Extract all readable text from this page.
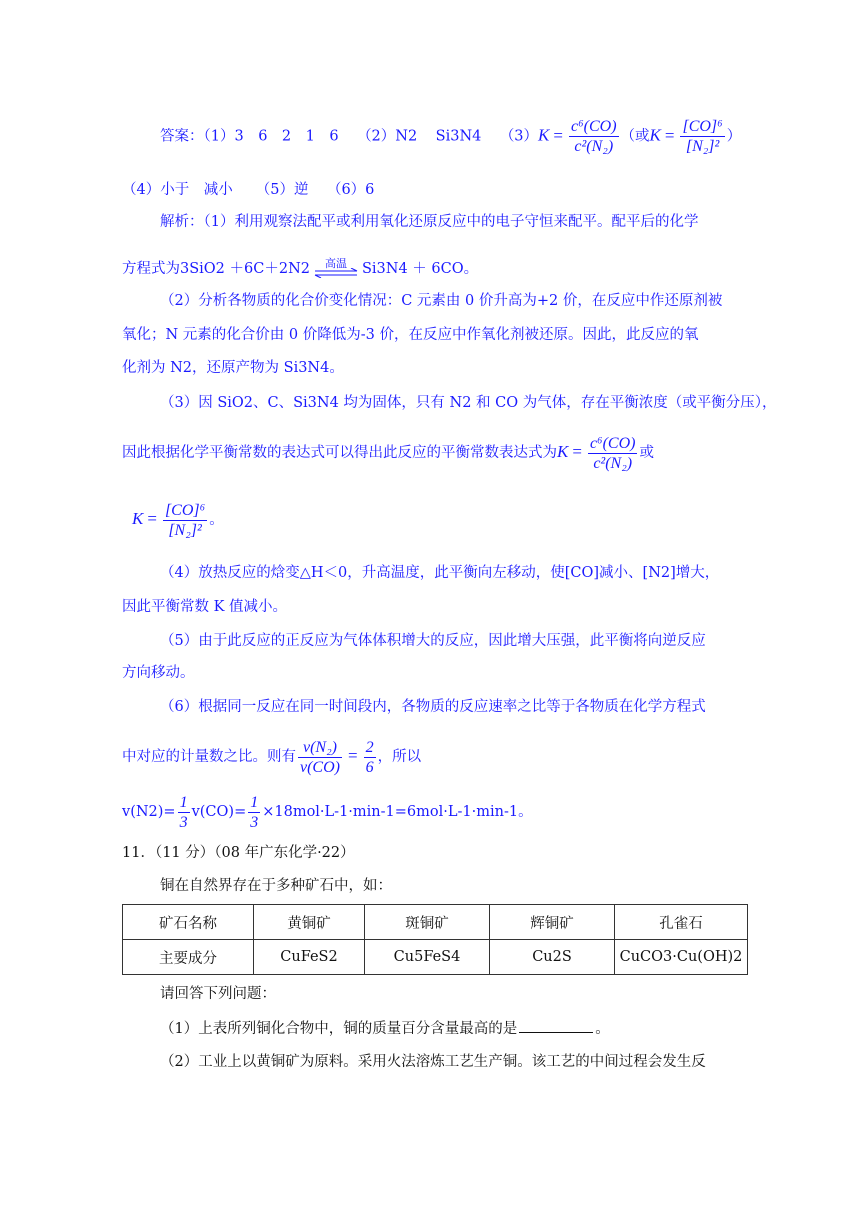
答案：（1）3　6　2　1　6 （2）N2 Si3N4 $(3)K = \frac{\text{c⁶(CO)}}{\text{c²(N₂)}}$ （或$K = \frac{\text{[CO]⁶}}{\text{[N₂]²}}$ ）
（4）小于　减小 （5）逆 （6）6
解析：（1）利用观察法配平或利用氧化还原反应中的电子守恒来配平。配平后的化学
方程式为3SiO2 ＋6C＋2N2	高温	Si3N4 ＋ 6CO。
（2）分析各物质的化合价变化情况：C 元素由 0 价升高为+2 价，在反应中作还原剂被
氧化；N 元素的化合价由 0 价降低为-3 价，在反应中作氧化剂被还原。因此，此反应的氧
化剂为 N2，还原产物为 Si3N4。
（3）因 SiO2、C、Si3N4 均为固体，只有 N2 和 CO 为气体，存在平衡浓度（或平衡分压），
因此根据化学平衡常数的表达式可以得出此反应的平衡常数表达式为$K = \frac{\text{c⁶(CO)}}{\text{c²(N₂)}}$ 或
$K = \frac{\text{[CO]⁶}}{\text{[N₂]²}}$ 。
（4）放热反应的焓变△H＜0，升高温度，此平衡向左移动，使[CO]减小、[N2]增大，
因此平衡常数 K 值减小。
（5）由于此反应的正反应为气体体积增大的反应，因此增大压强，此平衡将向逆反应
方向移动。
（6）根据同一反应在同一时间段内，各物质的反应速率之比等于各物质在化学方程式
中对应的计量数之比。则有 $\frac{\text{v(N₂)}}{v(CO)} = \frac{2}{6}$ ，所以
$v(N2)= \frac{1}{3} v(CO)= \frac{1}{3} \times 18mol\cdot L-1\cdot\min-1=6mol\cdot L-1\cdot\min-1$。
11．（11 分）（08 年广东化学·22）
铜在自然界存在于多种矿石中，如：
矿石名称	黄铜矿	斑铜矿	辉铜矿	孔雀石
主要成分	CuFeS2	Cu5FeS4	Cu2S	CuCO3·Cu(OH)2
请回答下列问题：
（1）上表所列铜化合物中，铜的质量百分含量最高的是	。
（2）工业上以黄铜矿为原料。采用火法溶炼工艺生产铜。该工艺的中间过程会发生反
